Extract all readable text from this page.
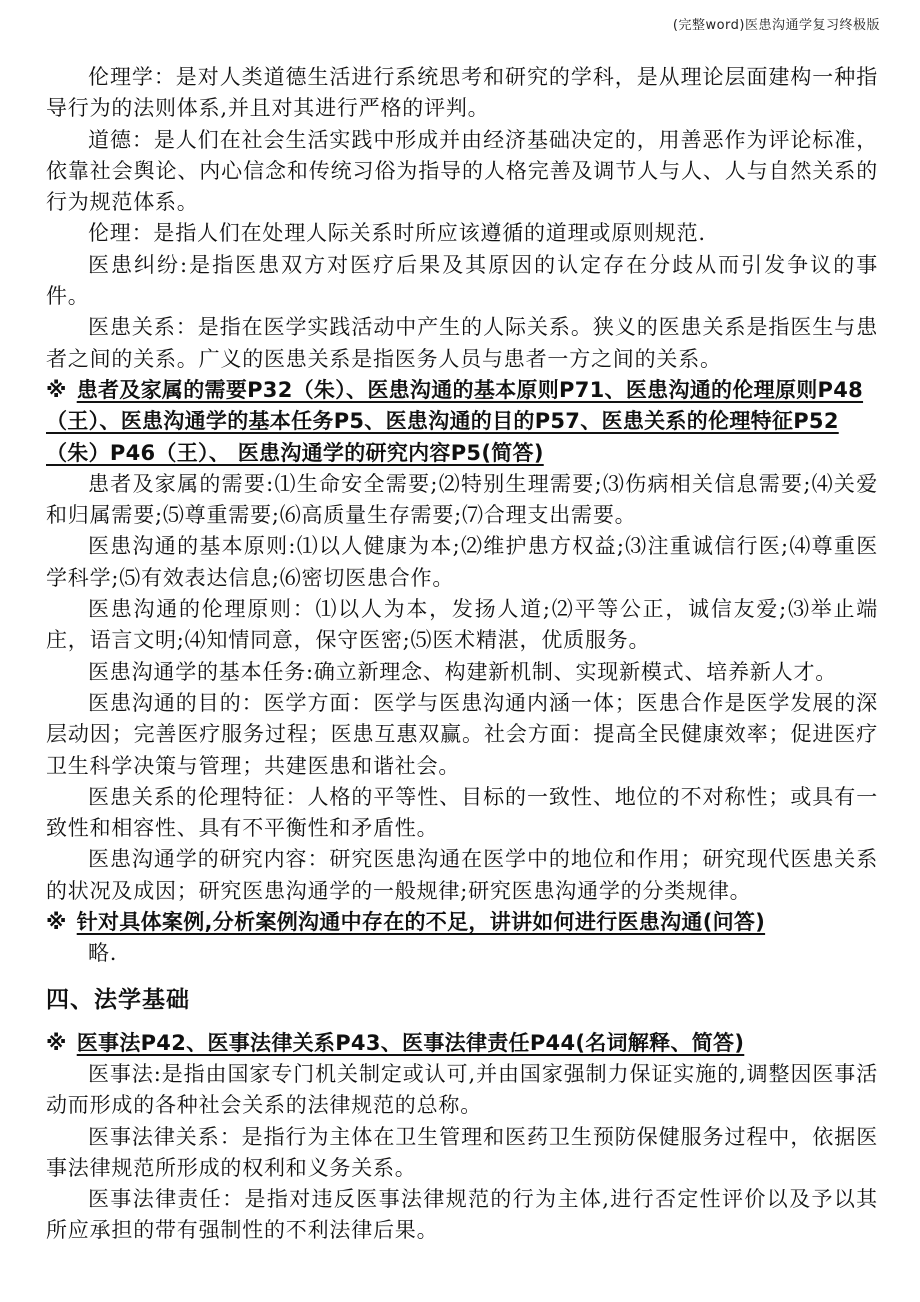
(完整word)医患沟通学复习终极版

伦理学：是对人类道德生活进行系统思考和研究的学科，是从理论层面建构一种指导行为的法则体系,并且对其进行严格的评判。

道德：是人们在社会生活实践中形成并由经济基础决定的，用善恶作为评论标准，依靠社会舆论、内心信念和传统习俗为指导的人格完善及调节人与人、人与自然关系的行为规范体系。

伦理：是指人们在处理人际关系时所应该遵循的道理或原则规范.

医患纠纷:是指医患双方对医疗后果及其原因的认定存在分歧从而引发争议的事件。

医患关系：是指在医学实践活动中产生的人际关系。狭义的医患关系是指医生与患者之间的关系。广义的医患关系是指医务人员与患者一方之间的关系。

※ 患者及家属的需要P32（朱）、医患沟通的基本原则P71、医患沟通的伦理原则P48（王）、医患沟通学的基本任务P5、医患沟通的目的P57、医患关系的伦理特征P52（朱）P46（王）、 医患沟通学的研究内容P5(简答)

患者及家属的需要:⑴生命安全需要;⑵特别生理需要;⑶伤病相关信息需要;⑷关爱和归属需要;⑸尊重需要;⑹高质量生存需要;⑺合理支出需要。

医患沟通的基本原则:⑴以人健康为本;⑵维护患方权益;⑶注重诚信行医;⑷尊重医学科学;⑸有效表达信息;⑹密切医患合作。

医患沟通的伦理原则：⑴以人为本，发扬人道;⑵平等公正，诚信友爱;⑶举止端庄，语言文明;⑷知情同意，保守医密;⑸医术精湛，优质服务。

医患沟通学的基本任务:确立新理念、构建新机制、实现新模式、培养新人才。

医患沟通的目的：医学方面：医学与医患沟通内涵一体；医患合作是医学发展的深层动因；完善医疗服务过程；医患互惠双赢。社会方面：提高全民健康效率；促进医疗卫生科学决策与管理；共建医患和谐社会。

医患关系的伦理特征：人格的平等性、目标的一致性、地位的不对称性；或具有一致性和相容性、具有不平衡性和矛盾性。

医患沟通学的研究内容：研究医患沟通在医学中的地位和作用；研究现代医患关系的状况及成因；研究医患沟通学的一般规律;研究医患沟通学的分类规律。

※ 针对具体案例,分析案例沟通中存在的不足，讲讲如何进行医患沟通(问答)

略.

四、法学基础

※ 医事法P42、医事法律关系P43、医事法律责任P44(名词解释、简答)

医事法:是指由国家专门机关制定或认可,并由国家强制力保证实施的,调整因医事活动而形成的各种社会关系的法律规范的总称。

医事法律关系：是指行为主体在卫生管理和医药卫生预防保健服务过程中，依据医事法律规范所形成的权利和义务关系。

医事法律责任：是指对违反医事法律规范的行为主体,进行否定性评价以及予以其所应承担的带有强制性的不利法律后果。
